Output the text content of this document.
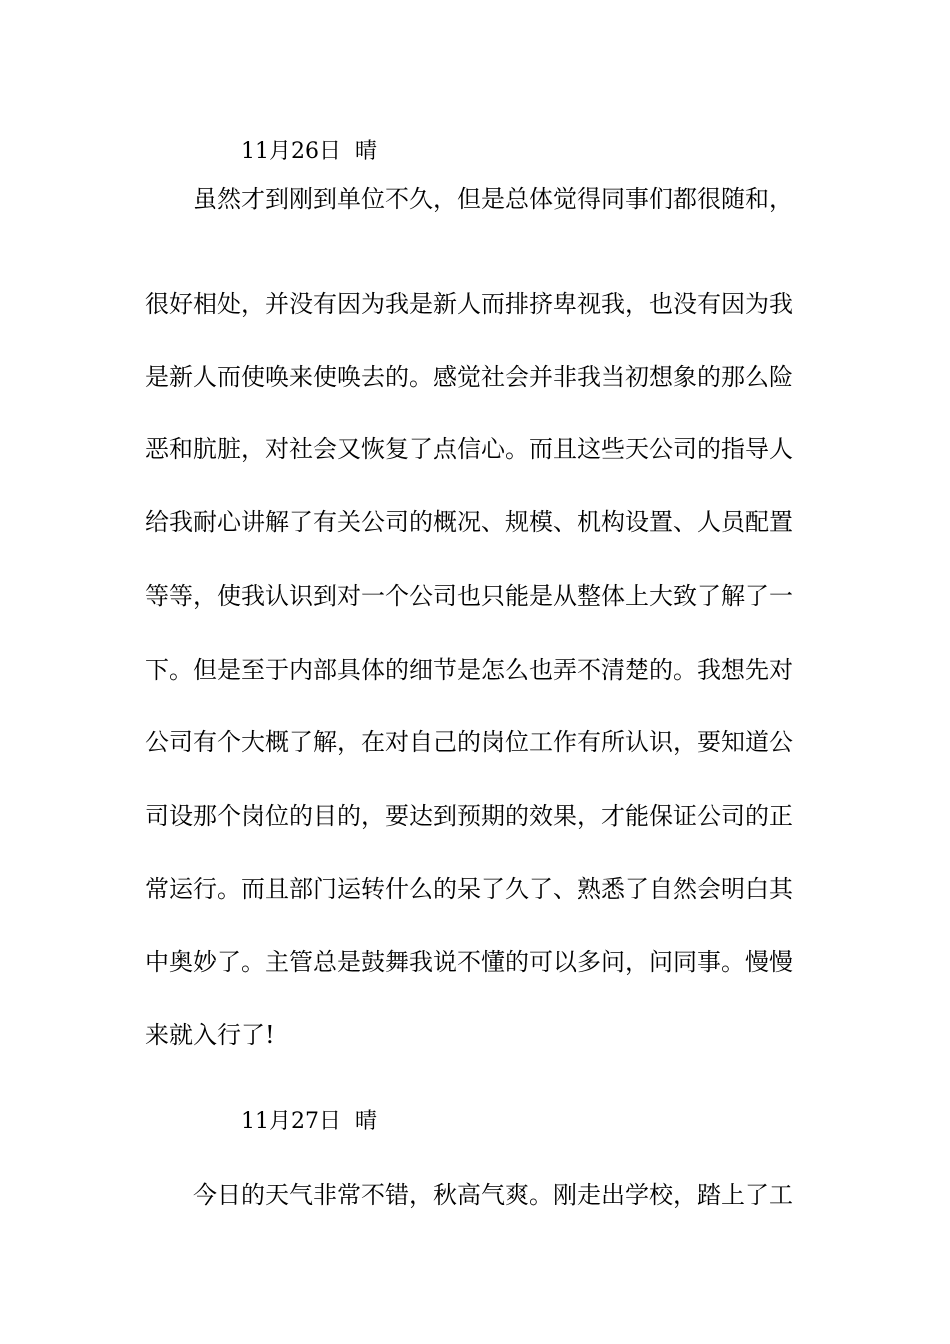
11月26日  晴
虽然才到刚到单位不久，但是总体觉得同事们都很随和，
很好相处，并没有因为我是新人而排挤卑视我，也没有因为我
是新人而使唤来使唤去的。感觉社会并非我当初想象的那么险
恶和肮脏，对社会又恢复了点信心。而且这些天公司的指导人
给我耐心讲解了有关公司的概况、规模、机构设置、人员配置
等等，使我认识到对一个公司也只能是从整体上大致了解了一
下。但是至于内部具体的细节是怎么也弄不清楚的。我想先对
公司有个大概了解，在对自己的岗位工作有所认识，要知道公
司设那个岗位的目的，要达到预期的效果，才能保证公司的正
常运行。而且部门运转什么的呆了久了、熟悉了自然会明白其
中奥妙了。主管总是鼓舞我说不懂的可以多问，问同事。慢慢
来就入行了!
11月27日  晴
今日的天气非常不错，秋高气爽。刚走出学校，踏上了工
